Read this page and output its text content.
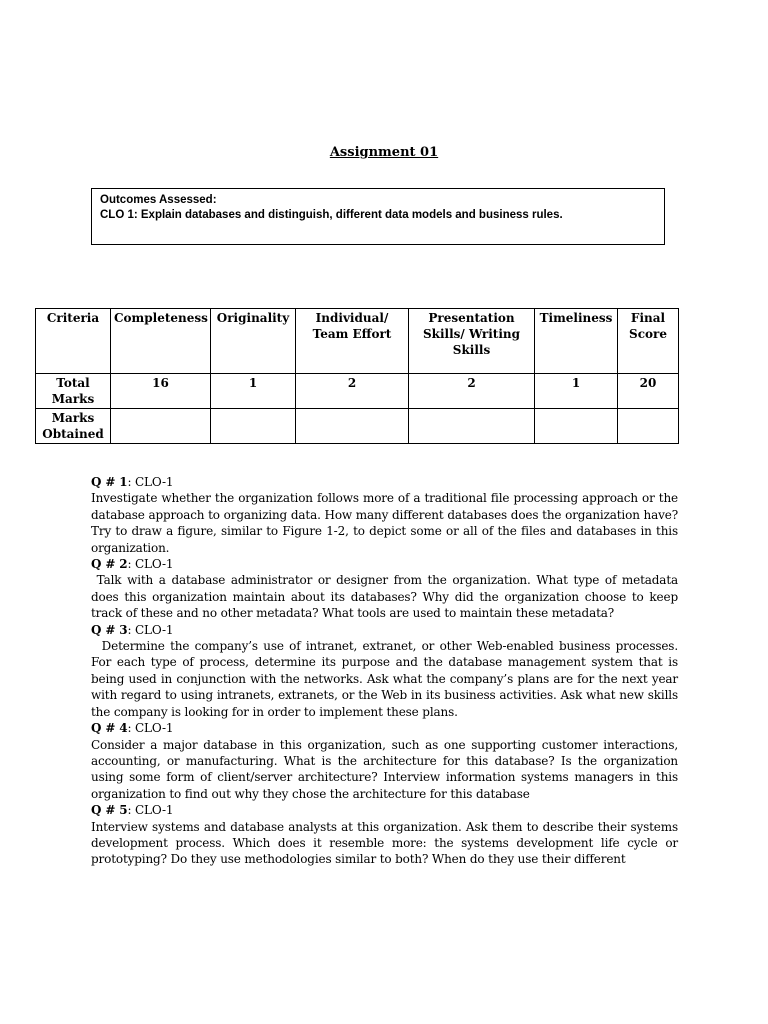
Assignment 01
Outcomes Assessed:
CLO 1: Explain databases and distinguish, different data models and business rules.
Criteria	Completeness	Originality	Individual/ Team Effort	Presentation Skills/ Writing Skills	Timeliness	Final Score
Total Marks	16	1	2	2	1	20
Marks Obtained						
Q # 1: CLO-1

Investigate whether the organization follows more of a traditional file processing approach or the database approach to organizing data. How many different databases does the organization have? Try to draw a figure, similar to Figure 1-2, to depict some or all of the files and databases in this organization.

Q # 2: CLO-1

Talk with a database administrator or designer from the organization. What type of metadata does this organization maintain about its databases? Why did the organization choose to keep track of these and no other metadata? What tools are used to maintain these metadata?

Q # 3: CLO-1

Determine the company’s use of intranet, extranet, or other Web-enabled business processes. For each type of process, determine its purpose and the database management system that is being used in conjunction with the networks. Ask what the company’s plans are for the next year with regard to using intranets, extranets, or the Web in its business activities. Ask what new skills the company is looking for in order to implement these plans.

Q # 4: CLO-1

Consider a major database in this organization, such as one supporting customer interactions, accounting, or manufacturing. What is the architecture for this database? Is the organization using some form of client/server architecture? Interview information systems managers in this organization to find out why they chose the architecture for this database

Q # 5: CLO-1

Interview systems and database analysts at this organization. Ask them to describe their systems development process. Which does it resemble more: the systems development life cycle or prototyping? Do they use methodologies similar to both? When do they use their different
